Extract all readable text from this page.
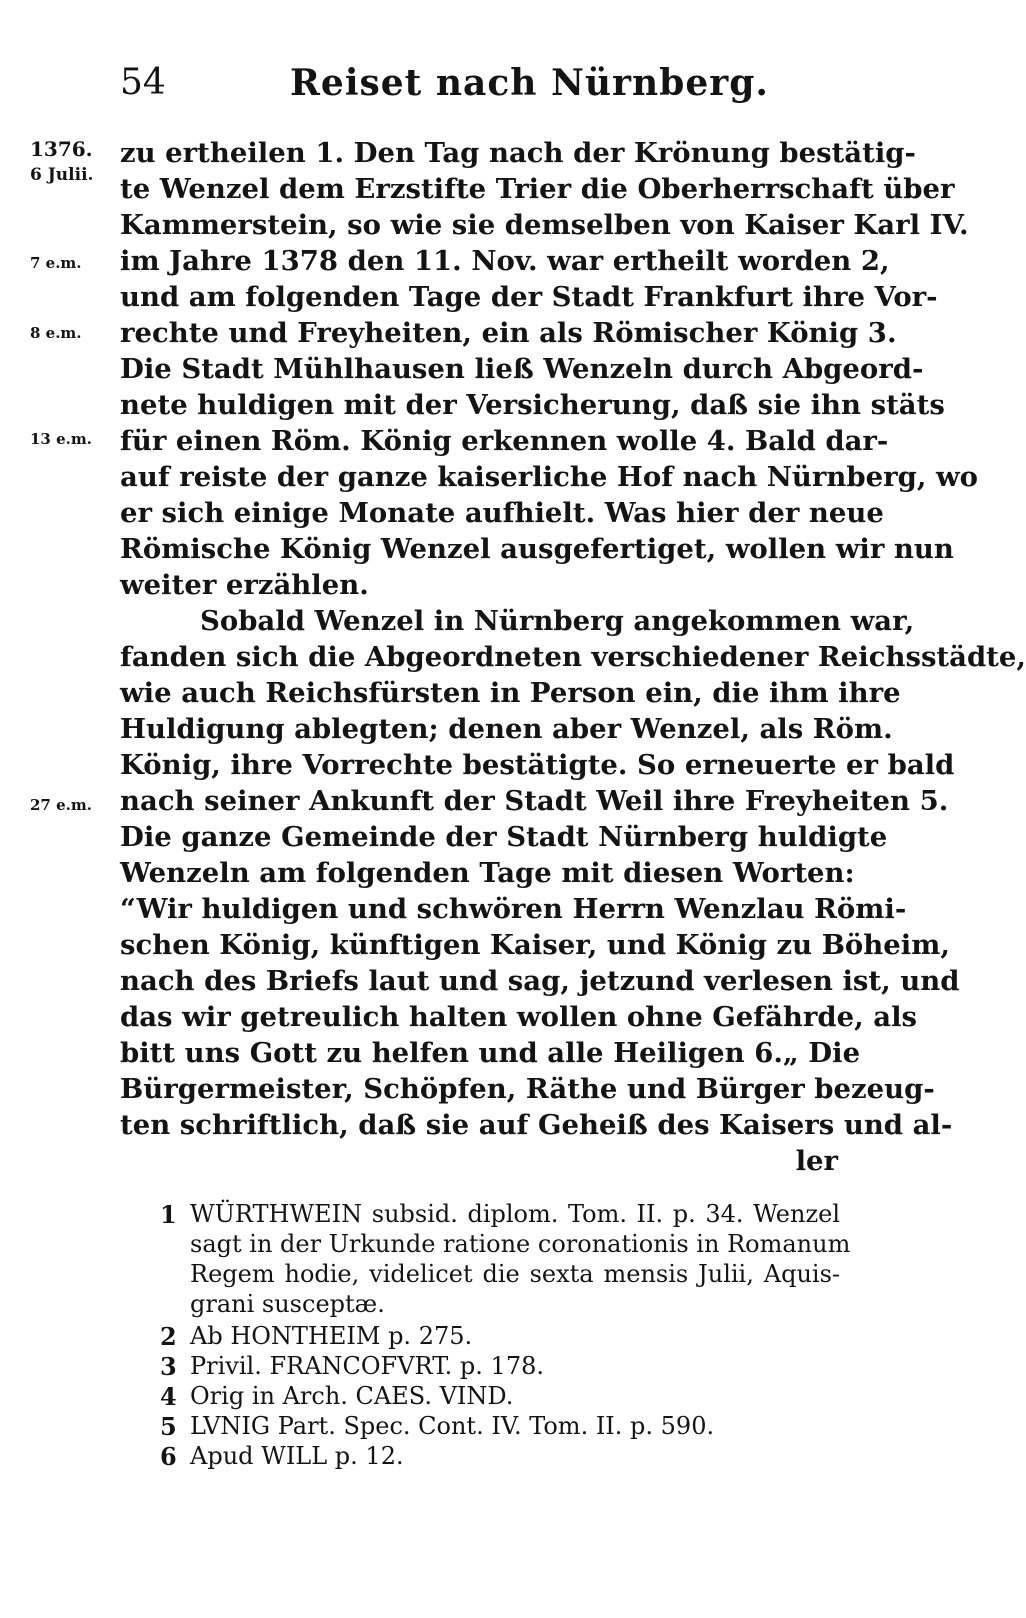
54	Reiset nach Nürnberg.
1376.
6 Julii.
7 e.m.
8 e.m.
13 e.m.
27 e.m.
zu ertheilen 1. Den Tag nach der Krönung bestätig-
te Wenzel dem Erzstifte Trier die Oberherrschaft über
Kammerstein, so wie sie demselben von Kaiser Karl IV.
im Jahre 1378 den 11. Nov. war ertheilt worden 2,
und am folgenden Tage der Stadt Frankfurt ihre Vor-
rechte und Freyheiten, ein als Römischer König 3.
Die Stadt Mühlhausen ließ Wenzeln durch Abgeord-
nete huldigen mit der Versicherung, daß sie ihn stäts
für einen Röm. König erkennen wolle 4. Bald dar-
auf reiste der ganze kaiserliche Hof nach Nürnberg, wo
er sich einige Monate aufhielt. Was hier der neue
Römische König Wenzel ausgefertiget, wollen wir nun
weiter erzählen.
Sobald Wenzel in Nürnberg angekommen war,
fanden sich die Abgeordneten verschiedener Reichsstädte,
wie auch Reichsfürsten in Person ein, die ihm ihre
Huldigung ablegten; denen aber Wenzel, als Röm.
König, ihre Vorrechte bestätigte. So erneuerte er bald
nach seiner Ankunft der Stadt Weil ihre Freyheiten 5.
Die ganze Gemeinde der Stadt Nürnberg huldigte
Wenzeln am folgenden Tage mit diesen Worten:
“Wir huldigen und schwören Herrn Wenzlau Römi-
schen König, künftigen Kaiser, und König zu Böheim,
nach des Briefs laut und sag, jetzund verlesen ist, und
das wir getreulich halten wollen ohne Gefährde, als
bitt uns Gott zu helfen und alle Heiligen 6.„ Die
Bürgermeister, Schöpfen, Räthe und Bürger bezeug-
ten schriftlich, daß sie auf Geheiß des Kaisers und al-
ler
1 WÜRTHWEIN subsid. diplom. Tom. II. p. 34. Wenzel
sagt in der Urkunde ratione coronationis in Romanum
Regem hodie, videlicet die sexta mensis Julii, Aquis-
grani susceptæ.
2 Ab HONTHEIM p. 275.
3 Privil. FRANCOFVRT. p. 178.
4 Orig in Arch. CAES. VIND.
5 LVNIG Part. Spec. Cont. IV. Tom. II. p. 590.
6 Apud WILL p. 12.
